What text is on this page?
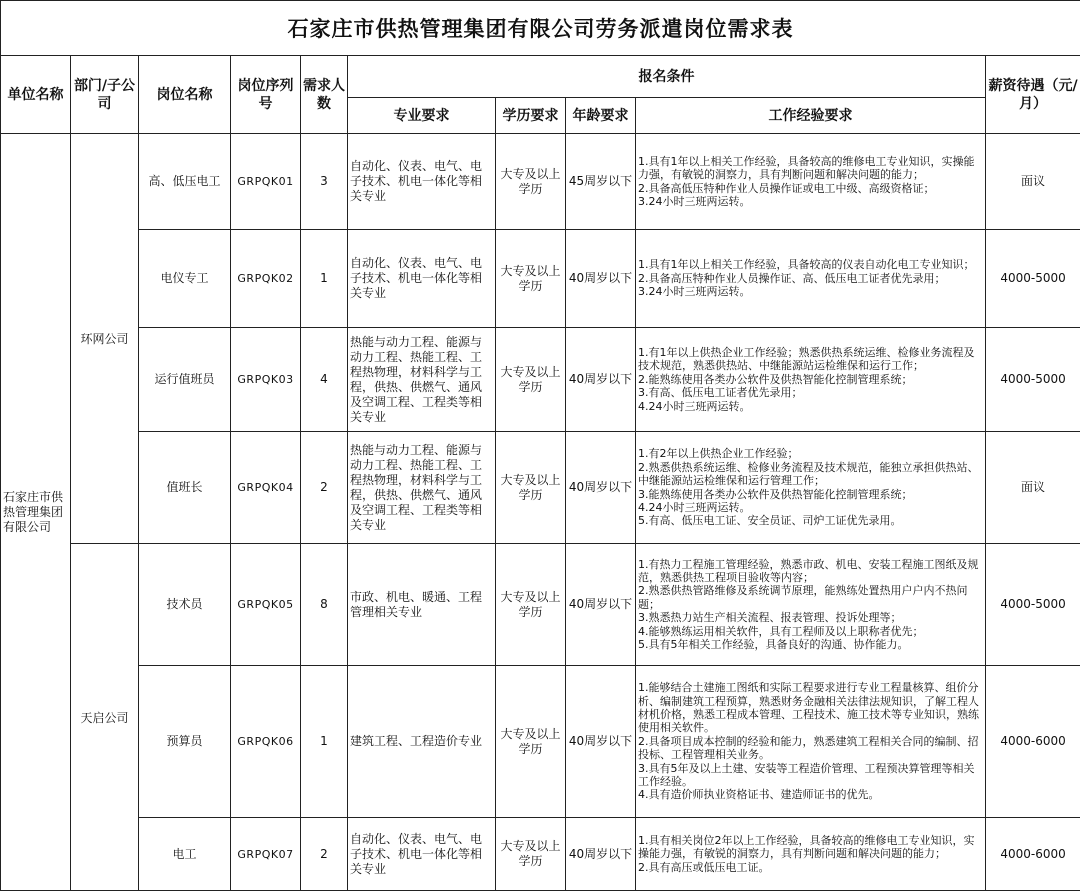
石家庄市供热管理集团有限公司劳务派遣岗位需求表									
单位名称	部门/子公司	岗位名称	岗位序列号	需求人数	报名条件				薪资待遇（元/月）
					专业要求	学历要求	年龄要求	工作经验要求	
石家庄市供热管理集团有限公司	环网公司	高、低压电工	GRPQK01	3	自动化、仪表、电气、电子技术、机电一体化等相关专业	大专及以上学历	45周岁以下	1.具有1年以上相关工作经验，具备较高的维修电工专业知识，实操能力强，有敏锐的洞察力，具有判断问题和解决问题的能力；
2.具备高低压特种作业人员操作证或电工中级、高级资格证；
3.24小时三班两运转。	面议
		电仪专工	GRPQK02	1	自动化、仪表、电气、电子技术、机电一体化等相关专业	大专及以上学历	40周岁以下	1.具有1年以上相关工作经验，具备较高的仪表自动化电工专业知识；
2.具备高压特种作业人员操作证、高、低压电工证者优先录用；
3.24小时三班两运转。	4000-5000
		运行值班员	GRPQK03	4	热能与动力工程、能源与动力工程、热能工程、工程热物理，材料科学与工程，供热、供燃气、通风及空调工程、工程类等相关专业	大专及以上学历	40周岁以下	1.有1年以上供热企业工作经验；熟悉供热系统运维、检修业务流程及技术规范，熟悉供热站、中继能源站运检维保和运行工作；
2.能熟练使用各类办公软件及供热智能化控制管理系统；
3.有高、低压电工证者优先录用；
4.24小时三班两运转。	4000-5000
		值班长	GRPQK04	2	热能与动力工程、能源与动力工程、热能工程、工程热物理，材料科学与工程，供热、供燃气、通风及空调工程、工程类等相关专业	大专及以上学历	40周岁以下	1.有2年以上供热企业工作经验；
2.熟悉供热系统运维、检修业务流程及技术规范，能独立承担供热站、中继能源站运检维保和运行管理工作；
3.能熟练使用各类办公软件及供热智能化控制管理系统；
4.24小时三班两运转。
5.有高、低压电工证、安全员证、司炉工证优先录用。	面议
	天启公司	技术员	GRPQK05	8	市政、机电、暖通、工程管理相关专业	大专及以上学历	40周岁以下	1.有热力工程施工管理经验，熟悉市政、机电、安装工程施工图纸及规范，熟悉供热工程项目验收等内容；
2.熟悉供热管路维修及系统调节原理，能熟练处置热用户户内不热问题；
3.熟悉热力站生产相关流程、报表管理、投诉处理等；
4.能够熟练运用相关软件，具有工程师及以上职称者优先；
5.具有5年相关工作经验，具备良好的沟通、协作能力。	4000-5000
		预算员	GRPQK06	1	建筑工程、工程造价专业	大专及以上学历	40周岁以下	1.能够结合土建施工图纸和实际工程要求进行专业工程量核算、组价分析、编制建筑工程预算，熟悉财务金融相关法律法规知识，了解工程人材机价格，熟悉工程成本管理、工程技术、施工技术等专业知识，熟练使用相关软件。
2.具备项目成本控制的经验和能力，熟悉建筑工程相关合同的编制、招投标、工程管理相关业务。
3.具有5年及以上土建、安装等工程造价管理、工程预决算管理等相关工作经验。
4.具有造价师执业资格证书、建造师证书的优先。	4000-6000
		电工	GRPQK07	2	自动化、仪表、电气、电子技术、机电一体化等相关专业	大专及以上学历	40周岁以下	1.具有相关岗位2年以上工作经验，具备较高的维修电工专业知识，实操能力强，有敏锐的洞察力，具有判断问题和解决问题的能力；
2.具有高压或低压电工证。	4000-6000
